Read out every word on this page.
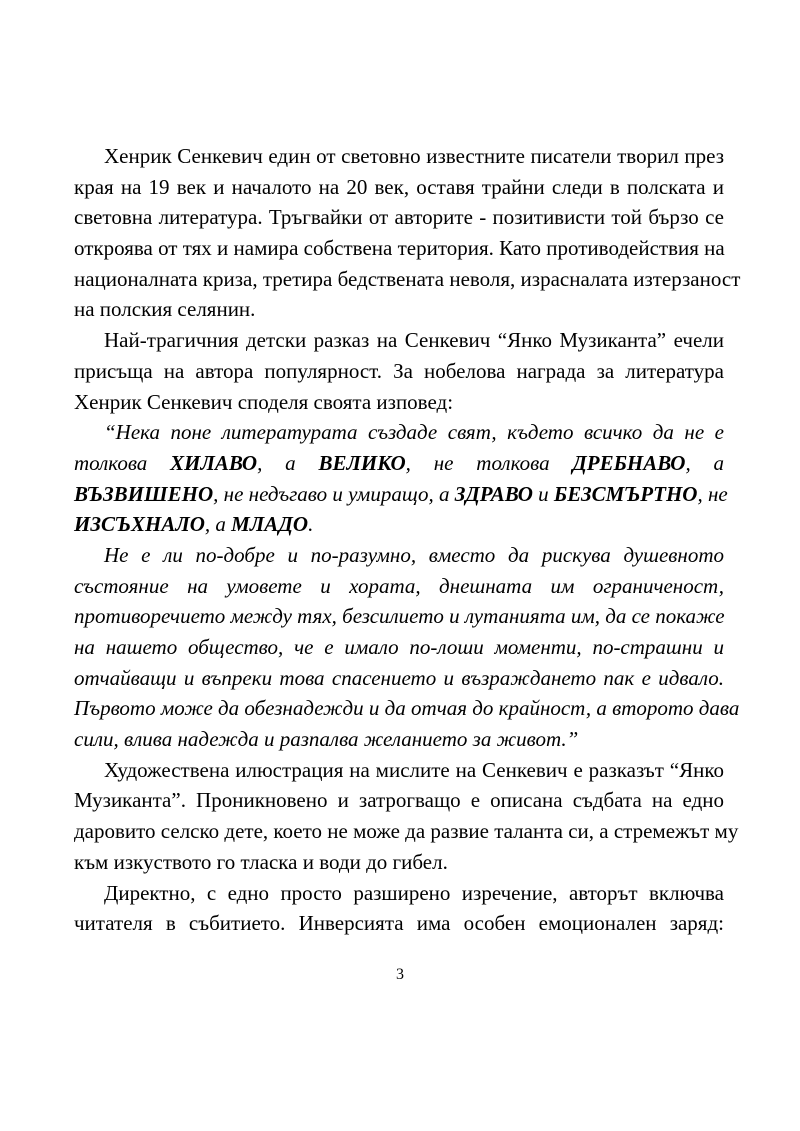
Хенрик Сенкевич един от световно известните писатели творил през
края на 19 век и началото на 20 век, оставя трайни следи в полската и
световна литература. Тръгвайки от авторите - позитивисти той бързо се
откроява от тях и намира собствена територия. Като противодействия на
националната криза, третира бедствената неволя, израсналата изтерзаност
на полския селянин.
Най-трагичния детски разказ на Сенкевич “Янко Музиканта” ечели
присъща на автора популярност. За нобелова награда за литература
Хенрик Сенкевич споделя своята изповед:
“Нека поне литературата създаде свят, където всичко да не е
толкова ХИЛАВО, а ВЕЛИКО, не толкова ДРЕБНАВО, а
ВЪЗВИШЕНО, не недъгаво и умиращо, а ЗДРАВО и БЕЗСМЪРТНО, не
ИЗСЪХНАЛО, а МЛАДО.
Не е ли по-добре и по-разумно, вместо да рискува душевното
състояние на умовете и хората, днешната им ограниченост,
противоречието между тях, безсилието и лутанията им, да се покаже
на нашето общество, че е имало по-лоши моменти, по-страшни и
отчайващи и въпреки това спасението и възраждането пак е идвало.
Първото може да обезнадежди и да отчая до крайност, а второто дава
сили, влива надежда и разпалва желанието за живот.”
Художествена илюстрация на мислите на Сенкевич е разказът “Янко
Музиканта”. Проникновено и затрогващо е описана съдбата на едно
даровито селско дете, което не може да развие таланта си, а стремежът му
към изкуството го тласка и води до гибел.
Директно, с едно просто разширено изречение, авторът включва
читателя в събитието. Инверсията има особен емоционален заряд:
3
